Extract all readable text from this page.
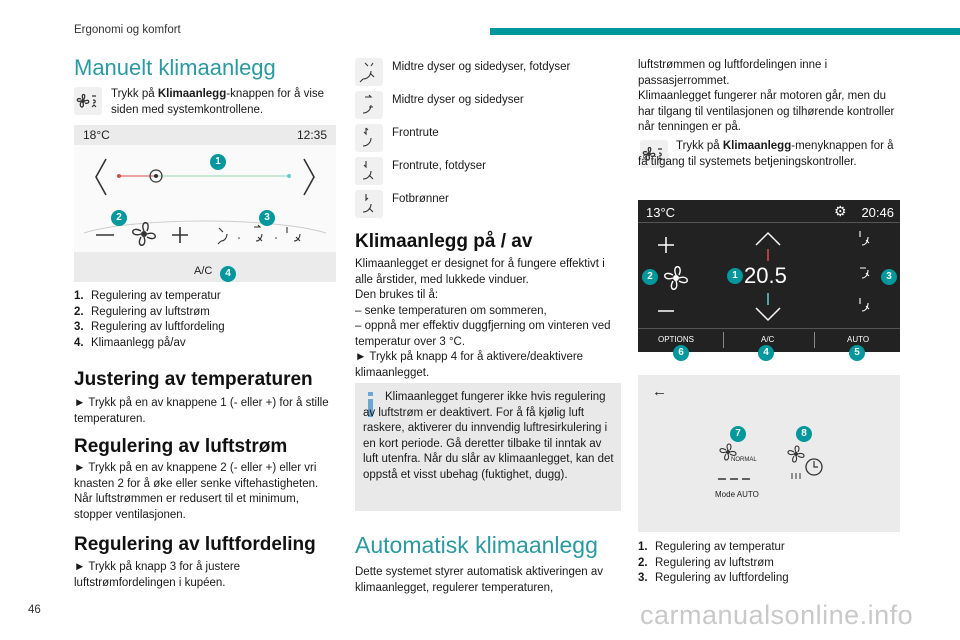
Ergonomi og komfort
Manuelt klimaanlegg
Trykk på Klimaanlegg-knappen for å vise siden med systemkontrollene.
18°C	12:35
A/C
1
2	3
4
1. Regulering av temperatur
2. Regulering av luftstrøm
3. Regulering av luftfordeling
4. Klimaanlegg på/av
Justering av temperaturen
► Trykk på en av knappene 1 (- eller +) for å stille temperaturen.
Regulering av luftstrøm
► Trykk på en av knappene 2 (- eller +) eller vri knasten 2 for å øke eller senke viftehastigheten. Når luftstrømmen er redusert til et minimum, stopper ventilasjonen.
Regulering av luftfordeling
► Trykk på knapp 3 for å justere luftstrømfordelingen i kupéen.
Midtre dyser og sidedyser, fotdyser
Midtre dyser og sidedyser
Frontrute
Frontrute, fotdyser
Fotbrønner
Klimaanlegg på / av
Klimaanlegget er designet for å fungere effektivt i alle årstider, med lukkede vinduer.
Den brukes til å:
– senke temperaturen om sommeren,
– oppnå mer effektiv duggfjerning om vinteren ved temperatur over 3 °C.
► Trykk på knapp 4 for å aktivere/deaktivere klimaanlegget.
Klimaanlegget fungerer ikke hvis regulering av luftstrøm er deaktivert. For å få kjølig luft raskere, aktiverer du innvendig luftresirkulering i en kort periode. Gå deretter tilbake til inntak av luft utenfra. Når du slår av klimaanlegget, kan det oppstå et visst ubehag (fuktighet, dugg).
Automatisk klimaanlegg
Dette systemet styrer automatisk aktiveringen av klimaanlegget, regulerer temperaturen,
luftstrømmen og luftfordelingen inne i passasjerrommet.
Klimaanlegget fungerer når motoren går, men du har tilgang til ventilasjonen og tilhørende kontroller når tenningen er på.
Trykk på Klimaanlegg-menyknappen for å få tilgang til systemets betjeningskontroller.
13°C	⚙ 20:46
20.5
OPTIONS	A/C	AUTO
1
2	3
4	5
6
←
7	8
NORMAL
Mode AUTO
1. Regulering av temperatur
2. Regulering av luftstrøm
3. Regulering av luftfordeling
46	carmanualsonline.info
